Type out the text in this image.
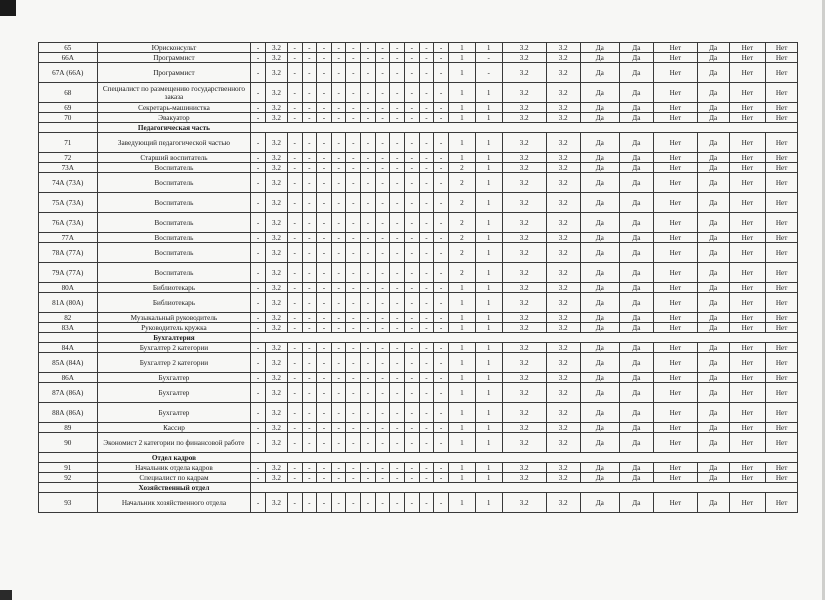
65	Юрисконсульт	-	3.2	-	-	-	-	-	-	-	-	-	-	-	1	1	3.2	3.2	Да	Да	Нет	Да	Нет	Нет
66А	Программист	-	3.2	-	-	-	-	-	-	-	-	-	-	-	1	-	3.2	3.2	Да	Да	Нет	Да	Нет	Нет
67А (66А)	Программист	-	3.2	-	-	-	-	-	-	-	-	-	-	-	1	-	3.2	3.2	Да	Да	Нет	Да	Нет	Нет
68	Специалист по размещению государственного заказа	-	3.2	-	-	-	-	-	-	-	-	-	-	-	1	1	3.2	3.2	Да	Да	Нет	Да	Нет	Нет
69	Секретарь-машинистка	-	3.2	-	-	-	-	-	-	-	-	-	-	-	1	1	3.2	3.2	Да	Да	Нет	Да	Нет	Нет
70	Эвакуатор	-	3.2	-	-	-	-	-	-	-	-	-	-	-	1	1	3.2	3.2	Да	Да	Нет	Да	Нет	Нет
	Педагогическая часть																							
71	Заведующий педагогической частью	-	3.2	-	-	-	-	-	-	-	-	-	-	-	1	1	3.2	3.2	Да	Да	Нет	Да	Нет	Нет
72	Старший воспитатель	-	3.2	-	-	-	-	-	-	-	-	-	-	-	1	1	3.2	3.2	Да	Да	Нет	Да	Нет	Нет
73А	Воспитатель	-	3.2	-	-	-	-	-	-	-	-	-	-	-	2	1	3.2	3.2	Да	Да	Нет	Да	Нет	Нет
74А (73А)	Воспитатель	-	3.2	-	-	-	-	-	-	-	-	-	-	-	2	1	3.2	3.2	Да	Да	Нет	Да	Нет	Нет
75А (73А)	Воспитатель	-	3.2	-	-	-	-	-	-	-	-	-	-	-	2	1	3.2	3.2	Да	Да	Нет	Да	Нет	Нет
76А (73А)	Воспитатель	-	3.2	-	-	-	-	-	-	-	-	-	-	-	2	1	3.2	3.2	Да	Да	Нет	Да	Нет	Нет
77А	Воспитатель	-	3.2	-	-	-	-	-	-	-	-	-	-	-	2	1	3.2	3.2	Да	Да	Нет	Да	Нет	Нет
78А (77А)	Воспитатель	-	3.2	-	-	-	-	-	-	-	-	-	-	-	2	1	3.2	3.2	Да	Да	Нет	Да	Нет	Нет
79А (77А)	Воспитатель	-	3.2	-	-	-	-	-	-	-	-	-	-	-	2	1	3.2	3.2	Да	Да	Нет	Да	Нет	Нет
80А	Библиотекарь	-	3.2	-	-	-	-	-	-	-	-	-	-	-	1	1	3.2	3.2	Да	Да	Нет	Да	Нет	Нет
81А (80А)	Библиотекарь	-	3.2	-	-	-	-	-	-	-	-	-	-	-	1	1	3.2	3.2	Да	Да	Нет	Да	Нет	Нет
82	Музыкальный руководитель	-	3.2	-	-	-	-	-	-	-	-	-	-	-	1	1	3.2	3.2	Да	Да	Нет	Да	Нет	Нет
83А	Руководитель кружка	-	3.2	-	-	-	-	-	-	-	-	-	-	-	1	1	3.2	3.2	Да	Да	Нет	Да	Нет	Нет
	Бухгалтерия																							
84А	Бухгалтер 2 категории	-	3.2	-	-	-	-	-	-	-	-	-	-	-	1	1	3.2	3.2	Да	Да	Нет	Да	Нет	Нет
85А (84А)	Бухгалтер 2 категории	-	3.2	-	-	-	-	-	-	-	-	-	-	-	1	1	3.2	3.2	Да	Да	Нет	Да	Нет	Нет
86А	Бухгалтер	-	3.2	-	-	-	-	-	-	-	-	-	-	-	1	1	3.2	3.2	Да	Да	Нет	Да	Нет	Нет
87А (86А)	Бухгалтер	-	3.2	-	-	-	-	-	-	-	-	-	-	-	1	1	3.2	3.2	Да	Да	Нет	Да	Нет	Нет
88А (86А)	Бухгалтер	-	3.2	-	-	-	-	-	-	-	-	-	-	-	1	1	3.2	3.2	Да	Да	Нет	Да	Нет	Нет
89	Кассир	-	3.2	-	-	-	-	-	-	-	-	-	-	-	1	1	3.2	3.2	Да	Да	Нет	Да	Нет	Нет
90	Экономист 2 категории по финансовой работе	-	3.2	-	-	-	-	-	-	-	-	-	-	-	1	1	3.2	3.2	Да	Да	Нет	Да	Нет	Нет
	Отдел кадров																							
91	Начальник отдела кадров	-	3.2	-	-	-	-	-	-	-	-	-	-	-	1	1	3.2	3.2	Да	Да	Нет	Да	Нет	Нет
92	Специалист по кадрам	-	3.2	-	-	-	-	-	-	-	-	-	-	-	1	1	3.2	3.2	Да	Да	Нет	Да	Нет	Нет
	Хозяйственный отдел																							
93	Начальник хозяйственного отдела	-	3.2	-	-	-	-	-	-	-	-	-	-	-	1	1	3.2	3.2	Да	Да	Нет	Да	Нет	Нет
